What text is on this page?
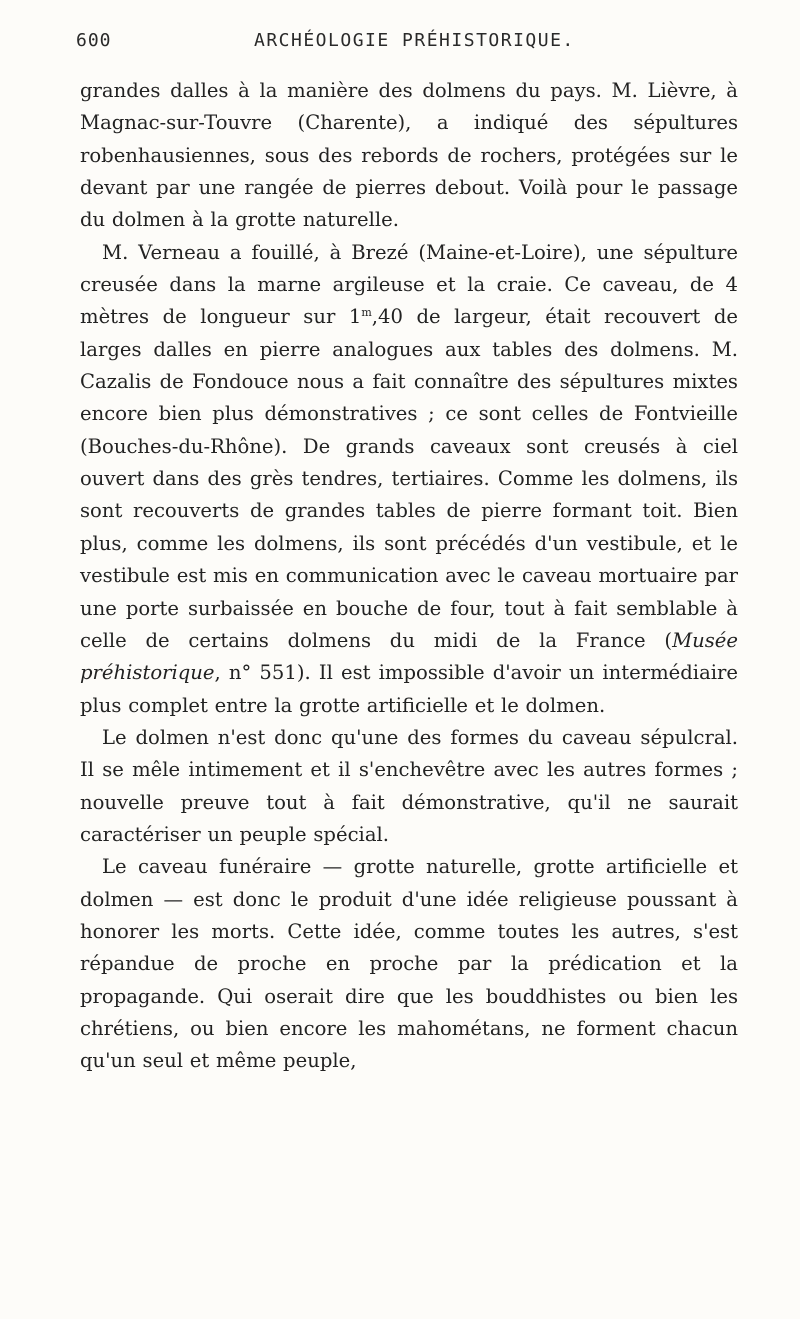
600	ARCHÉOLOGIE PRÉHISTORIQUE.

grandes dalles à la manière des dolmens du pays. M. Lièvre, à Magnac-sur-Touvre (Charente), a indiqué des sépultures robenhausiennes, sous des rebords de rochers, protégées sur le devant par une rangée de pierres debout. Voilà pour le passage du dolmen à la grotte naturelle.

M. Verneau a fouillé, à Brezé (Maine-et-Loire), une sépulture creusée dans la marne argileuse et la craie. Ce caveau, de 4 mètres de longueur sur 1$^m$,40 de largeur, était recouvert de larges dalles en pierre analogues aux tables des dolmens. M. Cazalis de Fondouce nous a fait connaître des sépultures mixtes encore bien plus démonstratives ; ce sont celles de Fontvieille (Bouches-du-Rhône). De grands caveaux sont creusés à ciel ouvert dans des grès tendres, tertiaires. Comme les dolmens, ils sont recouverts de grandes tables de pierre formant toit. Bien plus, comme les dolmens, ils sont précédés d'un vestibule, et le vestibule est mis en communication avec le caveau mortuaire par une porte surbaissée en bouche de four, tout à fait semblable à celle de certains dolmens du midi de la France (Musée préhistorique, n° 551). Il est impossible d'avoir un intermédiaire plus complet entre la grotte artificielle et le dolmen.

Le dolmen n'est donc qu'une des formes du caveau sépulcral. Il se mêle intimement et il s'enchevêtre avec les autres formes ; nouvelle preuve tout à fait démonstrative, qu'il ne saurait caractériser un peuple spécial.

Le caveau funéraire — grotte naturelle, grotte artificielle et dolmen — est donc le produit d'une idée religieuse poussant à honorer les morts. Cette idée, comme toutes les autres, s'est répandue de proche en proche par la prédication et la propagande. Qui oserait dire que les bouddhistes ou bien les chrétiens, ou bien encore les mahométans, ne forment chacun qu'un seul et même peuple,
